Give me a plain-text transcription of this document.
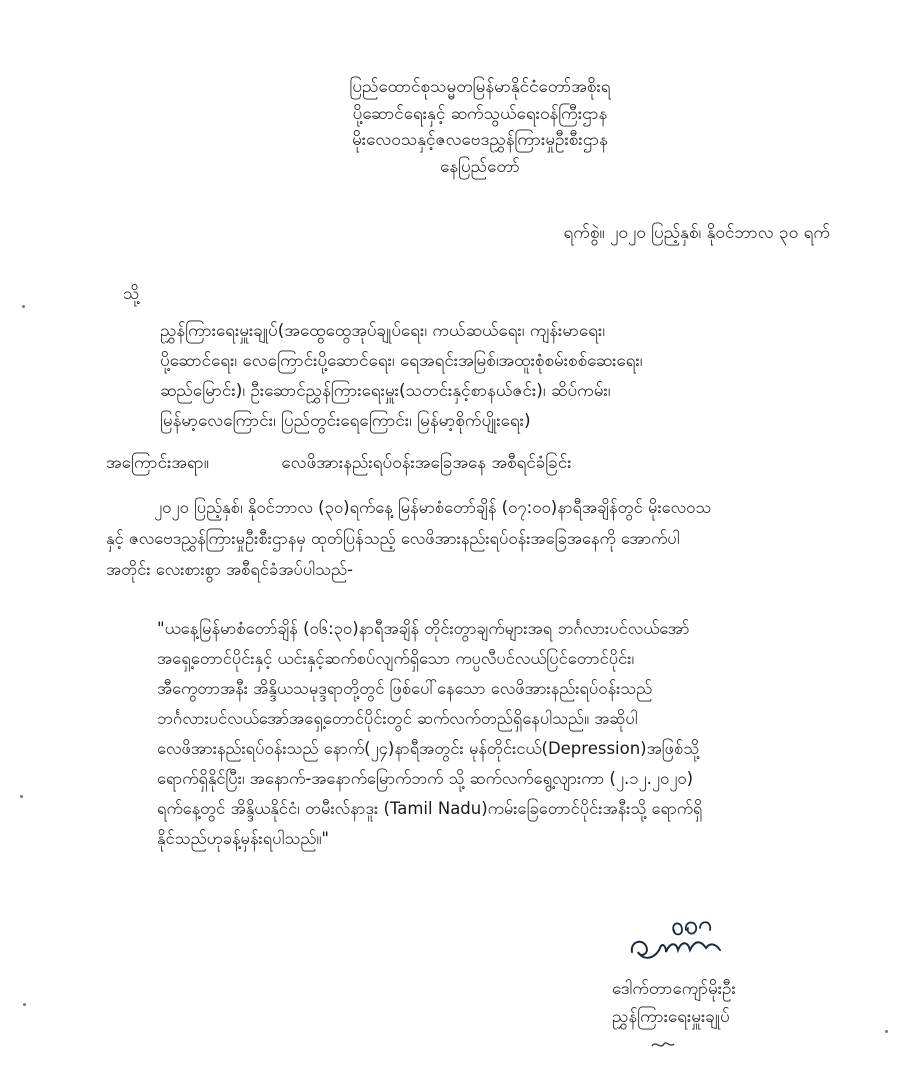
ပြည်ထောင်စုသမ္မတမြန်မာနိုင်ငံတော်အစိုးရ
ပို့ဆောင်ရေးနှင့် ဆက်သွယ်ရေးဝန်ကြီးဌာန
မိုးလေဝသနှင့်ဇလဗေဒညွှန်ကြားမှုဦးစီးဌာန
နေပြည်တော်
ရက်စွဲ။ ၂၀၂၀ ပြည့်နှစ်၊ နိုဝင်ဘာလ ၃၀ ရက်
သို့
ညွှန်ကြားရေးမှူးချုပ်(အထွေထွေအုပ်ချုပ်ရေး၊ ကယ်ဆယ်ရေး၊ ကျန်းမာရေး၊
ပို့ဆောင်ရေး၊ လေကြောင်းပို့ဆောင်ရေး၊ ရေအရင်းအမြစ်၊အထူးစုံစမ်းစစ်ဆေးရေး၊
ဆည်မြောင်း)၊ ဦးဆောင်ညွှန်ကြားရေးမှူး(သတင်းနှင့်စာနယ်ဇင်း)၊ ဆိပ်ကမ်း၊
မြန်မာ့လေကြောင်း၊ ပြည်တွင်းရေကြောင်း၊ မြန်မာ့စိုက်ပျိုးရေး)
အကြောင်းအရာ။	လေဖိအားနည်းရပ်ဝန်းအခြေအနေ အစီရင်ခံခြင်း
၂၀၂၀ ပြည့်နှစ်၊ နိုဝင်ဘာလ (၃၀)ရက်နေ့ မြန်မာစံတော်ချိန် (၀၇:၀၀)နာရီအချိန်တွင် မိုးလေဝသ
နှင့် ဇလဗေဒညွှန်ကြားမှုဦးစီးဌာနမှ ထုတ်ပြန်သည့် လေဖိအားနည်းရပ်ဝန်းအခြေအနေကို အောက်ပါ
အတိုင်း လေးစားစွာ အစီရင်ခံအပ်ပါသည်-
"ယနေ့မြန်မာစံတော်ချိန် (၀၆:၃၀)နာရီအချိန် တိုင်းတွာချက်များအရ ဘင်္ဂလားပင်လယ်အော်
အရှေ့တောင်ပိုင်းနှင့် ယင်းနှင့်ဆက်စပ်လျက်ရှိသော ကပ္ပလီပင်လယ်ပြင်တောင်ပိုင်း၊
အီကွေတာအနီး အိန္ဒိယသမုဒ္ဒရာတို့တွင် ဖြစ်ပေါ်နေသော လေဖိအားနည်းရပ်ဝန်းသည်
ဘင်္ဂလားပင်လယ်အော်အရှေ့တောင်ပိုင်းတွင် ဆက်လက်တည်ရှိနေပါသည်။ အဆိုပါ
လေဖိအားနည်းရပ်ဝန်းသည် နောက်(၂၄)နာရီအတွင်း မုန်တိုင်းငယ်(Depression)အဖြစ်သို့
ရောက်ရှိနိုင်ပြီး၊ အနောက်-အနောက်မြောက်ဘက် သို့ ဆက်လက်ရွေ့လျားကာ (၂.၁၂.၂၀၂၀)
ရက်နေ့တွင် အိန္ဒိယနိုင်ငံ၊ တမီးလ်နာဒူး (Tamil Nadu)ကမ်းခြေတောင်ပိုင်းအနီးသို့ ရောက်ရှိ
နိုင်သည်ဟုခန့်မှန်းရပါသည်။"
ဒေါက်တာကျော်မိုးဦး
ညွှန်ကြားရေးမှူးချုပ်
